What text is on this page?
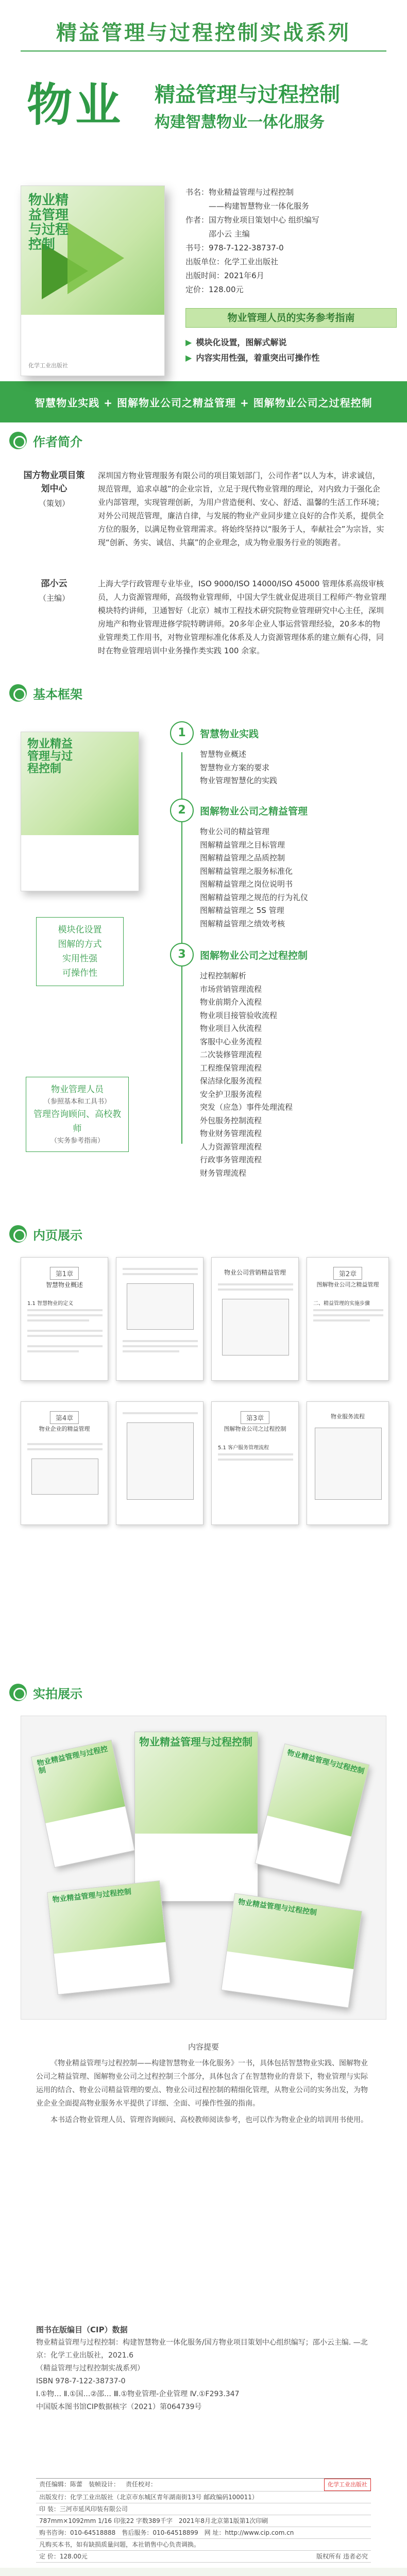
精益管理与过程控制实战系列
物业 精益管理与过程控制
构建智慧物业一体化服务
物业精益管理与过程控制
化学工业出版社
书名：物业精益管理与过程控制
——构建智慧物业一体化服务
作者：国方物业项目策划中心 组织编写
邵小云 主编
书号：978-7-122-38737-0
出版单位：化学工业出版社
出版时间：2021年6月
定价：128.00元
物业管理人员的实务参考指南
▶ 模块化设置，图解式解说
▶ 内容实用性强，着重突出可操作性
智慧物业实践 + 图解物业公司之精益管理 + 图解物业公司之过程控制
作者简介
国方物业项目策划中心
（策划）
深圳国方物业管理服务有限公司的项目策划部门，公司作者“以人为本，讲求诚信，规范管理，追求卓越”的企业宗旨，立足于现代物业管理的理论，对内致力于强化企业内部管理，实现管理创新，为用户营造便利、安心、舒适、温馨的生活工作环境；对外公司规范管理，廉洁自律，与发展的物业产业同步建立良好的合作关系，提供全方位的服务，以满足物业管理需求。将始终坚持以“服务于人，奉献社会”为宗旨，实现“创新、务实、诚信、共赢”的企业理念，成为物业服务行业的领跑者。
邵小云
（主编）
上海大学行政管理专业毕业，ISO 9000/ISO 14000/ISO 45000 管理体系高级审核员，人力资源管理师，高级物业管理师，中国大学生就业促进项目工程师产·物业管理模块特约讲师，卫通智好（北京）城市工程技术研究院物业管理研究中心主任，深圳房地产和物业管理进修学院特聘讲师。20多年企业人事运营管理经验，20多本的物业管理类工作用书，对物业管理标准化体系及人力资源管理体系的建立颇有心得，同时在物业管理培训中业务操作类实践 100 余家。
基本框架
物业精益管理与过程控制
模块化设置
图解的方式
实用性强
可操作性
物业管理人员
（参照基本和工具书）
管理咨询顾问、高校教师
（实务参考指南）
1	智慧物业实践
智慧物业概述
智慧物业方案的要求
物业管理智慧化的实践
2	图解物业公司之精益管理
物业公司的精益管理
图解精益管理之目标管理
图解精益管理之品质控制
图解精益管理之服务标准化
图解精益管理之岗位说明书
图解精益管理之规范的行为礼仪
图解精益管理之 5S 管理
图解精益管理之绩效考核
3	图解物业公司之过程控制
过程控制解析
市场营销管理流程
物业前期介入流程
物业项目接管验收流程
物业项目入伙流程
客服中心业务流程
二次装修管理流程
工程维保管理流程
保洁绿化服务流程
安全护卫服务流程
突发（应急）事件处理流程
外包服务控制流程
物业财务管理流程
人力资源管理流程
行政事务管理流程
财务管理流程
内页展示
第1章
智慧物业概述
1.1 智慧物业的定义
物业公司营销精益管理	第2章
图解物业公司之精益管理
二、精益管理的实施步骤
第4章
物业企业的精益管理
第3章
图解物业公司之过程控制
5.1 客户服务管理流程
物业服务流程
实拍展示
物业精益管理与过程控制
物业精益管理与过程控制
物业精益管理与过程控制
物业精益管理与过程控制
物业精益管理与过程控制
内容提要
《物业精益管理与过程控制——构建智慧物业一体化服务》一书，具体包括智慧物业实践、图解物业公司之精益管理、图解物业公司之过程控制三个部分，具体包含了在智慧物业的背景下，物业管理与实际运用的结合、物业公司精益管理的要点、物业公司过程控制的精细化管理，从物业公司的实务出发，为物业企业全面提高物业服务水平提供了详细、全面、可操作性强的指南。
本书适合物业管理人员、管理咨询顾问、高校教师阅读参考，也可以作为物业企业的培训用书使用。
图书在版编目（CIP）数据
物业精益管理与过程控制：构建智慧物业一体化服务/国方物业项目策划中心组织编写；邵小云主编. —北京：化学工业出版社，2021.6
（精益管理与过程控制实战系列）
ISBN 978-7-122-38737-0
Ⅰ.①物… Ⅱ.①国…②邵… Ⅲ.①物业管理-企业管理 Ⅳ.①F293.347
中国版本图书馆CIP数据核字（2021）第064739号
责任编辑：陈蕾	装帧设计：	责任校对：	化学工业出版社
出版发行：化学工业出版社（北京市东城区青年湖南街13号 邮政编码100011）
印 装：三河市延风印装有限公司
787mm×1092mm 1/16 印张22 字数389千字	2021年8月北京第1版第1次印刷
购书咨询：010-64518888	售后服务：010-64518899	网 址：http://www.cip.com.cn
凡购买本书，如有缺损质量问题，本社销售中心负责调换。
定 价：128.00元	版权所有 违者必究
